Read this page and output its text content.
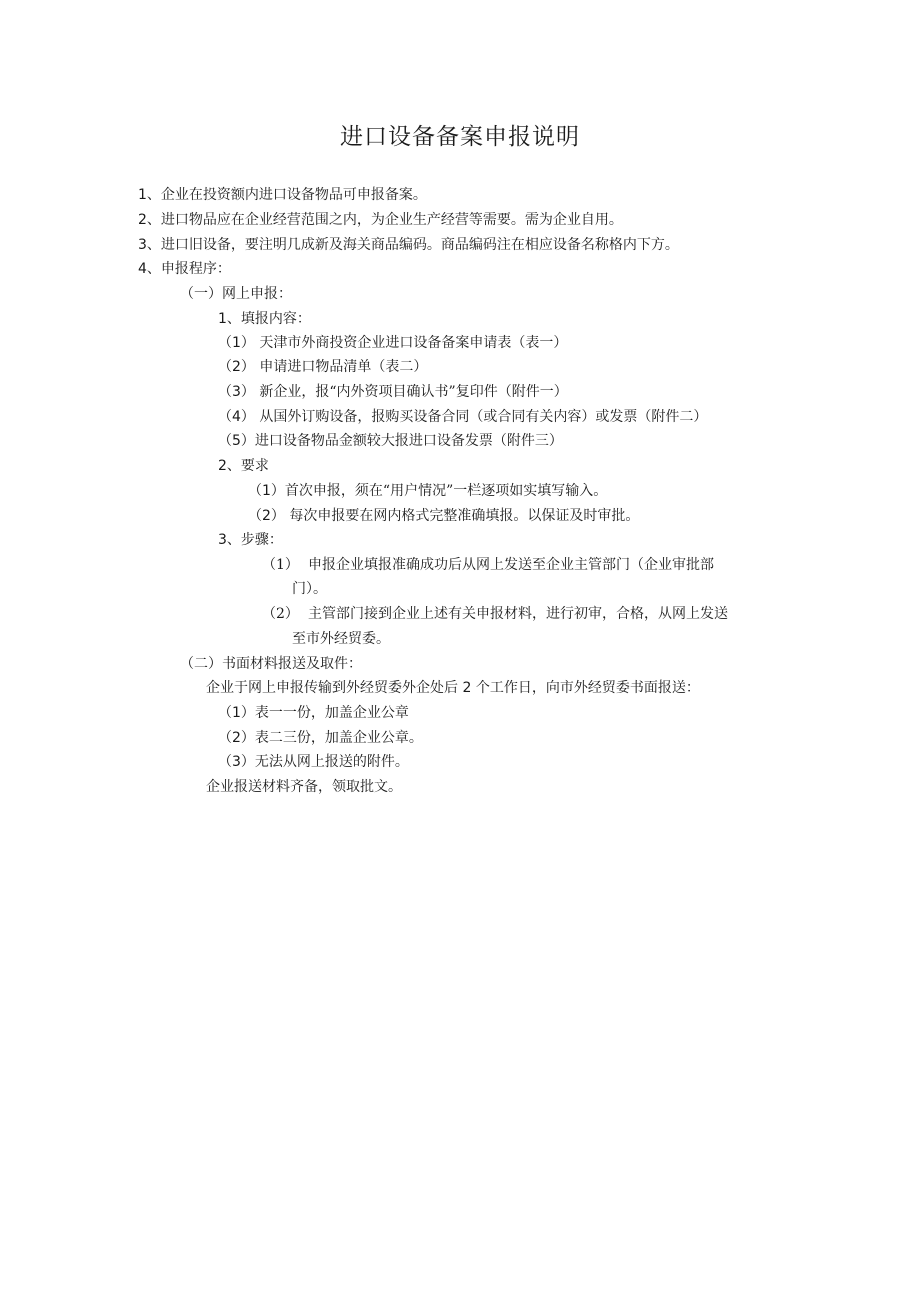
进口设备备案申报说明
1、企业在投资额内进口设备物品可申报备案。
2、进口物品应在企业经营范围之内，为企业生产经营等需要。需为企业自用。
3、进口旧设备，要注明几成新及海关商品编码。商品编码注在相应设备名称格内下方。
4、申报程序：
（一）网上申报：
1、填报内容：
（1） 天津市外商投资企业进口设备备案申请表（表一）
（2） 申请进口物品清单（表二）
（3） 新企业，报“内外资项目确认书”复印件（附件一）
（4） 从国外订购设备，报购买设备合同（或合同有关内容）或发票（附件二）
（5）进口设备物品金额较大报进口设备发票（附件三）
2、要求
（1）首次申报，须在“用户情况”一栏逐项如实填写输入。
（2） 每次申报要在网内格式完整准确填报。以保证及时审批。
3、步骤：
（1） 申报企业填报准确成功后从网上发送至企业主管部门（企业审批部
门）。
（2） 主管部门接到企业上述有关申报材料，进行初审，合格，从网上发送
至市外经贸委。
（二）书面材料报送及取件：
企业于网上申报传输到外经贸委外企处后 2 个工作日，向市外经贸委书面报送：
（1）表一一份，加盖企业公章
（2）表二三份，加盖企业公章。
（3）无法从网上报送的附件。
企业报送材料齐备，领取批文。
